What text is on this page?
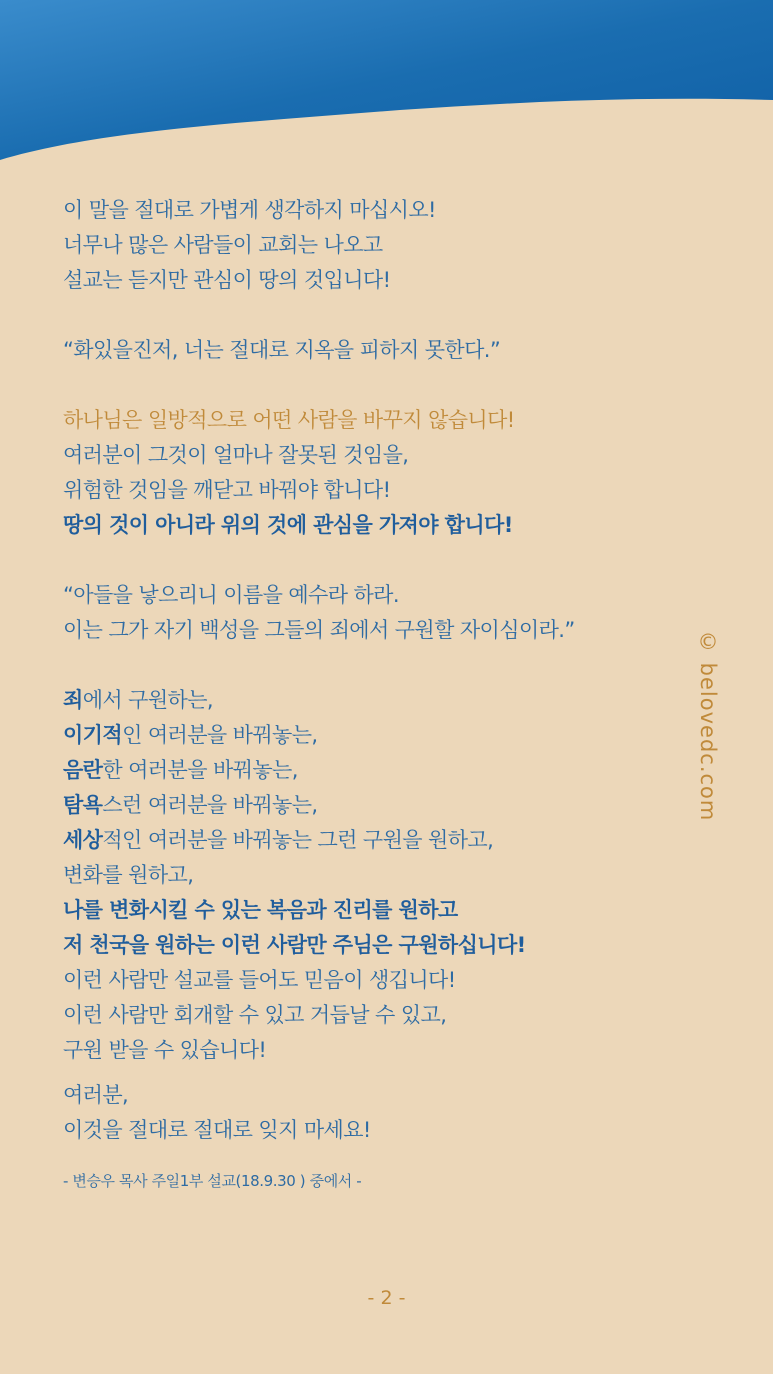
이 말을 절대로 가볍게 생각하지 마십시오!
너무나 많은 사람들이 교회는 나오고
설교는 듣지만 관심이 땅의 것입니다!
“화있을진저, 너는 절대로 지옥을 피하지 못한다.”
하나님은 일방적으로 어떤 사람을 바꾸지 않습니다!
여러분이 그것이 얼마나 잘못된 것임을,
위험한 것임을 깨닫고 바꿔야 합니다!
땅의 것이 아니라 위의 것에 관심을 가져야 합니다!
“아들을 낳으리니 이름을 예수라 하라.
이는 그가 자기 백성을 그들의 죄에서 구원할 자이심이라.”
죄에서 구원하는,
이기적인 여러분을 바꿔놓는,
음란한 여러분을 바꿔놓는,
탐욕스런 여러분을 바꿔놓는,
세상적인 여러분을 바꿔놓는 그런 구원을 원하고,
변화를 원하고,
나를 변화시킬 수 있는 복음과 진리를 원하고
저 천국을 원하는 이런 사람만 주님은 구원하십니다!
이런 사람만 설교를 들어도 믿음이 생깁니다!
이런 사람만 회개할 수 있고 거듭날 수 있고,
구원 받을 수 있습니다!
여러분,
이것을 절대로 절대로 잊지 마세요!
- 변승우 목사 주일1부 설교(18.9.30 ) 중에서 -
© belovedc.com
- 2 -
